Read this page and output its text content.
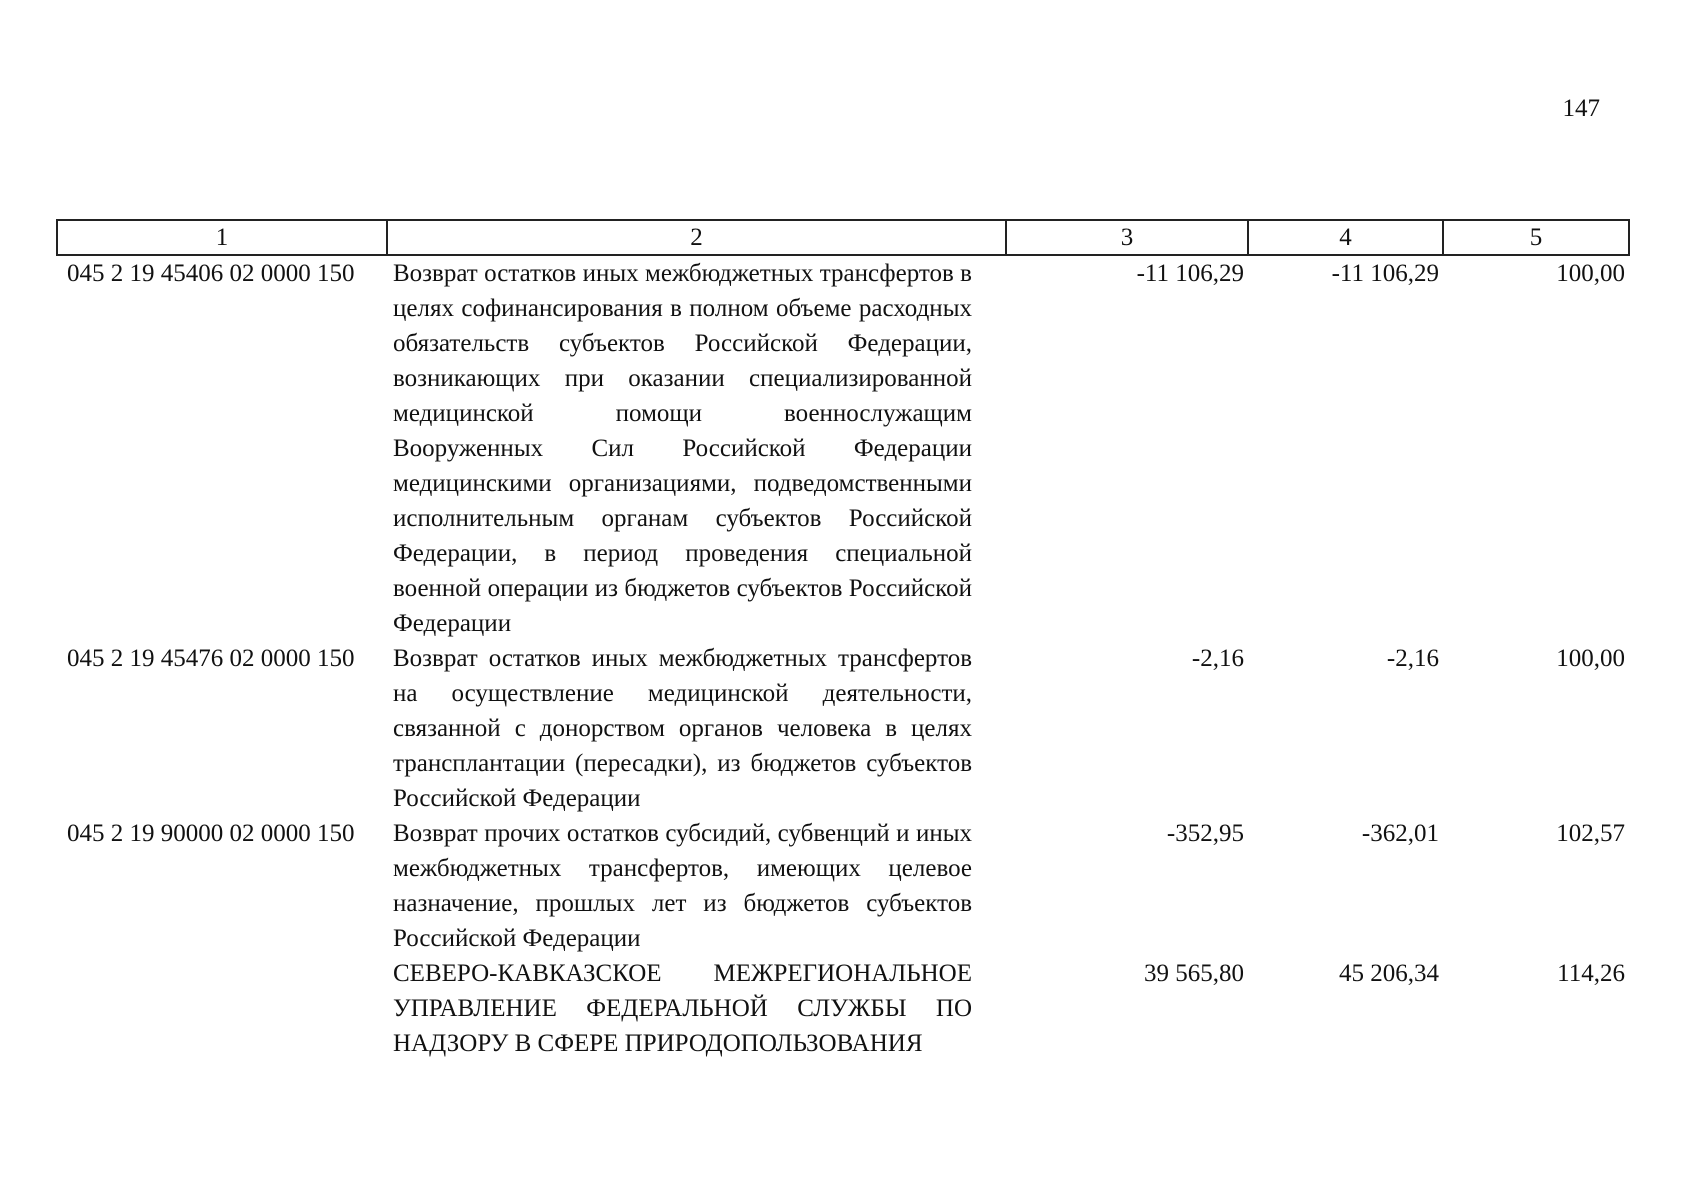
147
1	2	3	4	5
045 2 19 45406 02 0000 150	Возврат остатков иных межбюджетных трансфертов в целях софинансирования в полном объеме расходных обязательств субъектов Российской Федерации, возникающих при оказании специализированной медицинской помощи военнослужащим Вооруженных Сил Российской Федерации медицинскими организациями, подведомственными исполнительным органам субъектов Российской Федерации, в период проведения специальной военной операции из бюджетов субъектов Российской Федерации	-11 106,29	-11 106,29	100,00
045 2 19 45476 02 0000 150	Возврат остатков иных межбюджетных трансфертов на осуществление медицинской деятельности, связанной с донорством органов человека в целях трансплантации (пересадки), из бюджетов субъектов Российской Федерации	-2,16	-2,16	100,00
045 2 19 90000 02 0000 150	Возврат прочих остатков субсидий, субвенций и иных межбюджетных трансфертов, имеющих целевое назначение, прошлых лет из бюджетов субъектов Российской Федерации	-352,95	-362,01	102,57
	СЕВЕРО-КАВКАЗСКОЕ МЕЖРЕГИОНАЛЬНОЕ УПРАВЛЕНИЕ ФЕДЕРАЛЬНОЙ СЛУЖБЫ ПО НАДЗОРУ В СФЕРЕ ПРИРОДОПОЛЬЗОВАНИЯ	39 565,80	45 206,34	114,26
